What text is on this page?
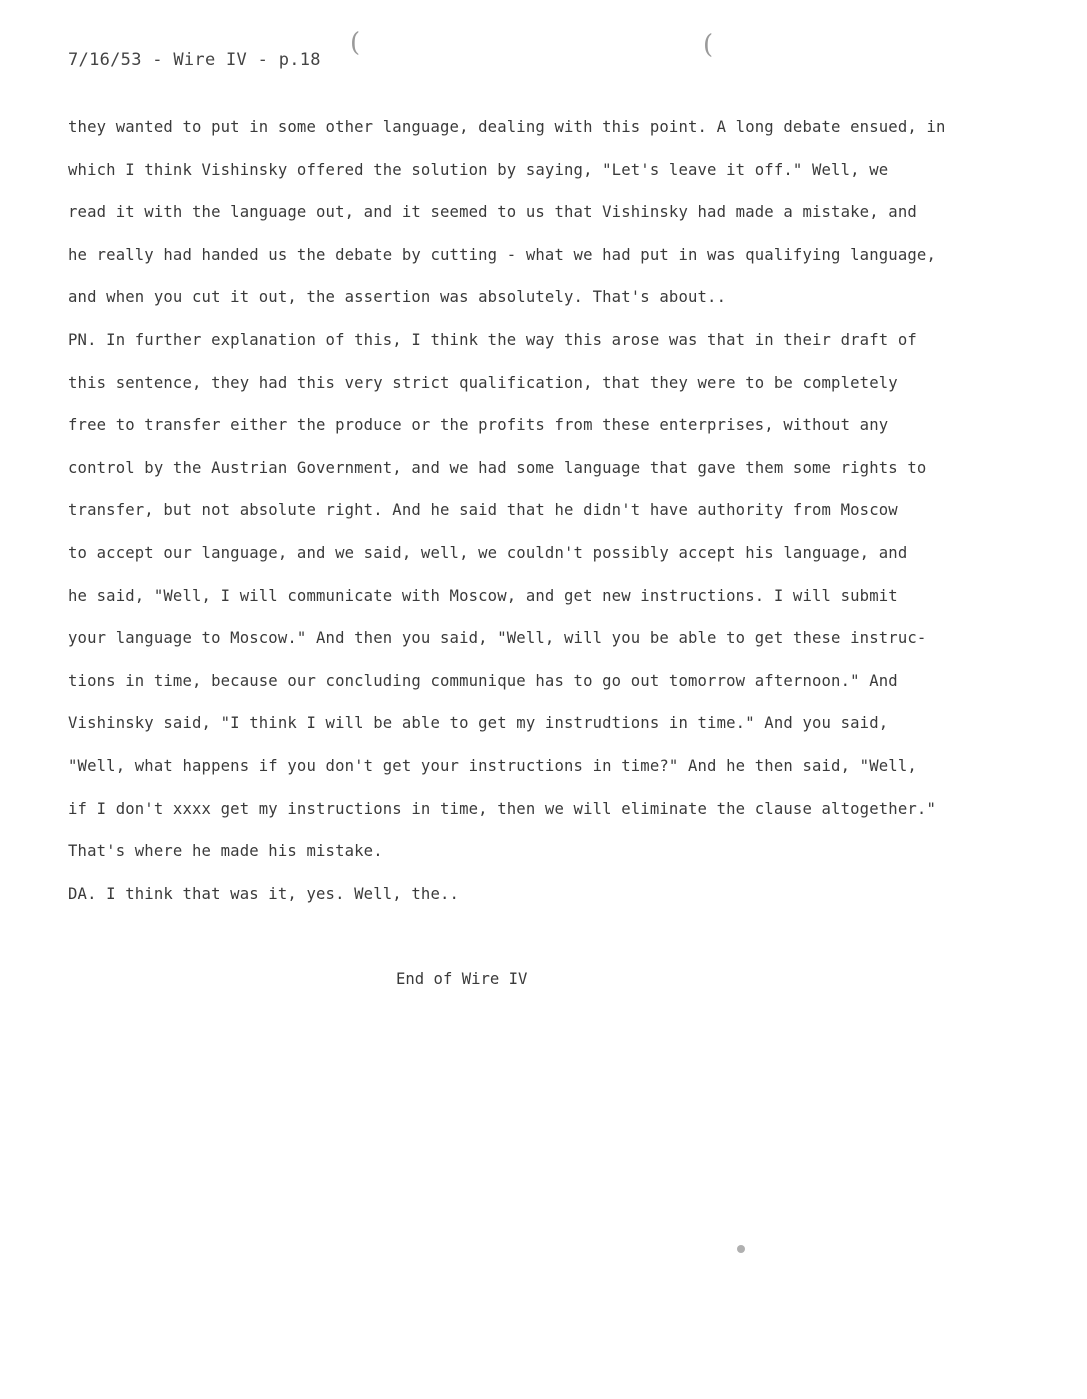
7/16/53 - Wire IV - p.18
(	(
they wanted to put in some other language, dealing with this point. A long debate ensued, in
which I think Vishinsky offered the solution by saying, "Let's leave it off." Well, we
read it with the language out, and it seemed to us that Vishinsky had made a mistake, and
he really had handed us the debate by cutting - what we had put in was qualifying language,
and when you cut it out, the assertion was absolutely. That's about..
PN. In further explanation of this, I think the way this arose was that in their draft of
this sentence, they had this very strict qualification, that they were to be completely
free to transfer either the produce or the profits from these enterprises, without any
control by the Austrian Government, and we had some language that gave them some rights to
transfer, but not absolute right. And he said that he didn't have authority from Moscow
to accept our language, and we said, well, we couldn't possibly accept his language, and
he said, "Well, I will communicate with Moscow, and get new instructions. I will submit
your language to Moscow." And then you said, "Well, will you be able to get these instruc-
tions in time, because our concluding communique has to go out tomorrow afternoon." And
Vishinsky said, "I think I will be able to get my instrudtions in time." And you said,
"Well, what happens if you don't get your instructions in time?" And he then said, "Well,
if I don't xxxx get my instructions in time, then we will eliminate the clause altogether."
That's where he made his mistake.
DA. I think that was it, yes. Well, the..
End of Wire IV
